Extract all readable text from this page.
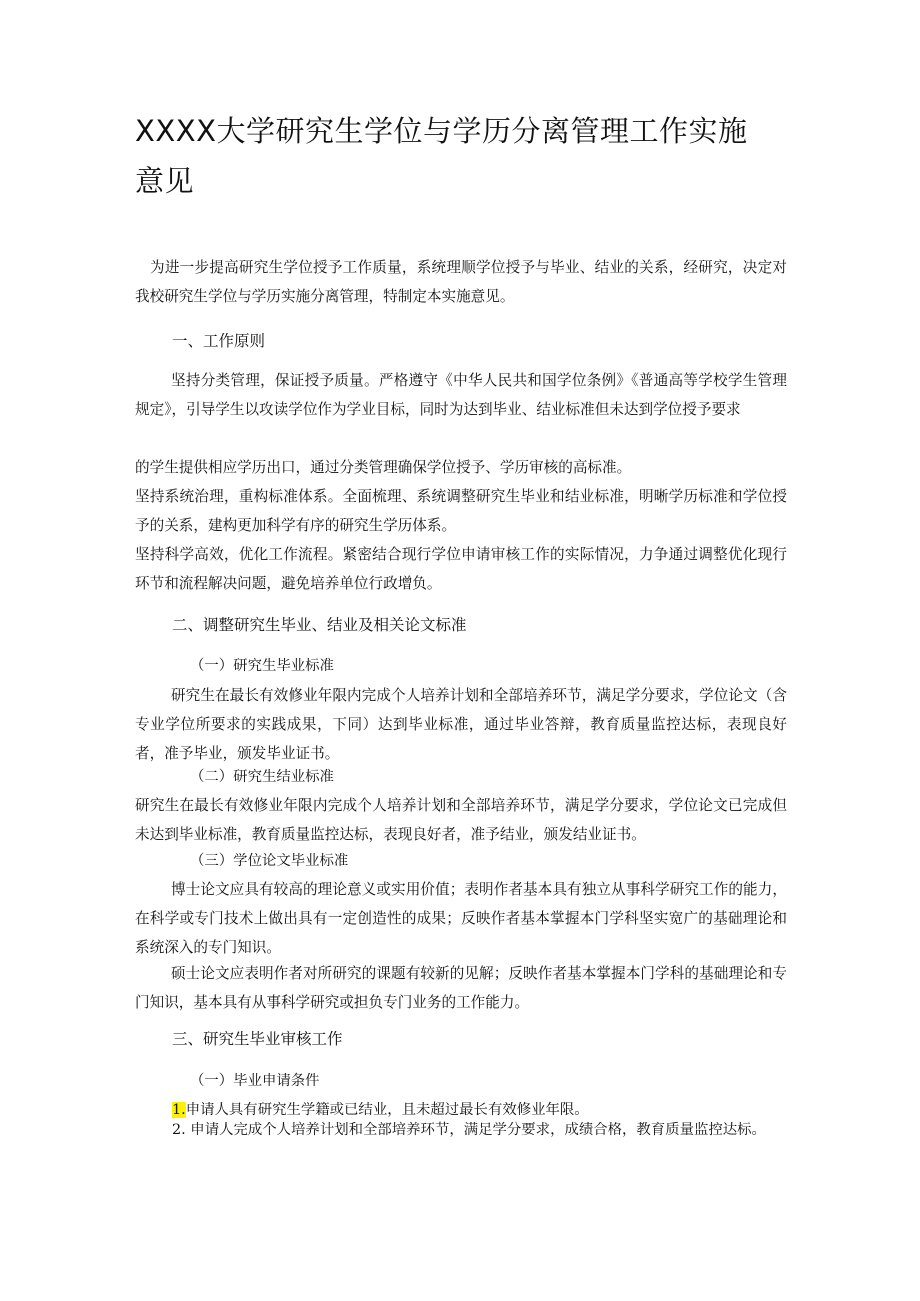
XXXX大学研究生学位与学历分离管理工作实施意见

为进一步提高研究生学位授予工作质量，系统理顺学位授予与毕业、结业的关系，经研究，决定对我校研究生学位与学历实施分离管理，特制定本实施意见。

一、工作原则

坚持分类管理，保证授予质量。严格遵守《中华人民共和国学位条例》《普通高等学校学生管理规定》，引导学生以攻读学位作为学业目标，同时为达到毕业、结业标准但未达到学位授予要求

的学生提供相应学历出口，通过分类管理确保学位授予、学历审核的高标准。

坚持系统治理，重构标准体系。全面梳理、系统调整研究生毕业和结业标准，明晰学历标准和学位授予的关系，建构更加科学有序的研究生学历体系。

坚持科学高效，优化工作流程。紧密结合现行学位申请审核工作的实际情况，力争通过调整优化现行环节和流程解决问题，避免培养单位行政增负。

二、调整研究生毕业、结业及相关论文标准
（一）研究生毕业标准

研究生在最长有效修业年限内完成个人培养计划和全部培养环节，满足学分要求，学位论文（含专业学位所要求的实践成果，下同）达到毕业标准，通过毕业答辩，教育质量监控达标，表现良好者，准予毕业，颁发毕业证书。

（二）研究生结业标准

研究生在最长有效修业年限内完成个人培养计划和全部培养环节，满足学分要求，学位论文已完成但未达到毕业标准，教育质量监控达标，表现良好者，准予结业，颁发结业证书。

（三）学位论文毕业标准

博士论文应具有较高的理论意义或实用价值；表明作者基本具有独立从事科学研究工作的能力，在科学或专门技术上做出具有一定创造性的成果；反映作者基本掌握本门学科坚实宽广的基础理论和系统深入的专门知识。

硕士论文应表明作者对所研究的课题有较新的见解；反映作者基本掌握本门学科的基础理论和专门知识，基本具有从事科学研究或担负专门业务的工作能力。

三、研究生毕业审核工作
（一）毕业申请条件

1.申请人具有研究生学籍或已结业，且未超过最长有效修业年限。

2. 申请人完成个人培养计划和全部培养环节，满足学分要求，成绩合格，教育质量监控达标。
